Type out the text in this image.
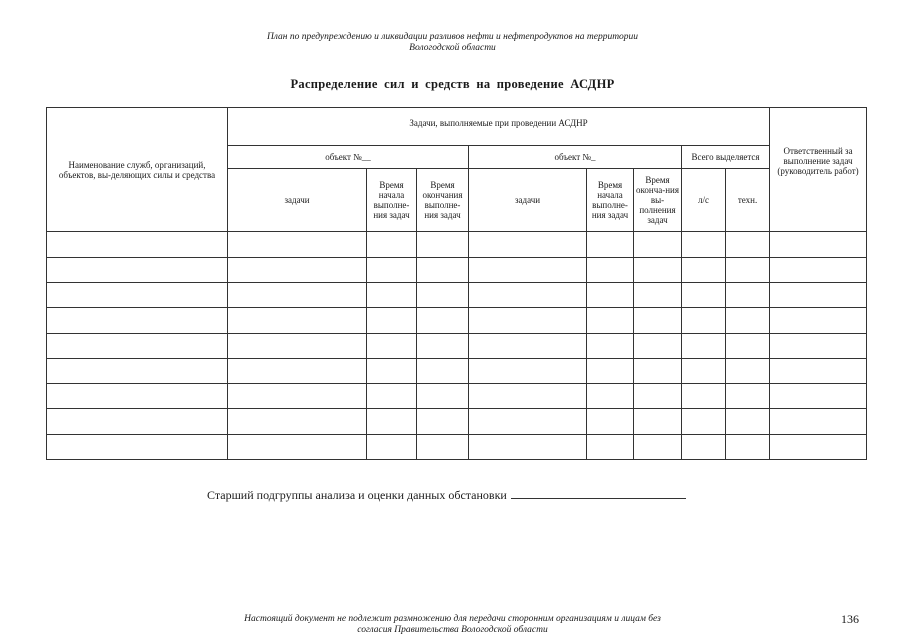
План по предупреждению и ликвидации разливов нефти и нефтепродуктов на территории
Вологодской области
Распределение сил и средств на проведение АСДНР
Наименование служб, организаций, объектов, вы-деляющих силы и средства	Задачи, выполняемые при проведении АСДНР								Ответственный за выполнение задач (руководитель работ)
	объект №__			объект №_			Всего выделяется		
	задачи	Время начала выполне-ния задач	Время окончания выполне-ния задач	задачи	Время начала выполне-ния задач	Время оконча-ния вы-полнения задач	л/с	техн.	

Старший подгруппы анализа и оценки данных обстановки
Настоящий документ не подлежит размножению для передачи сторонним организациям и лицам без
согласия Правительства Вологодской области
136
